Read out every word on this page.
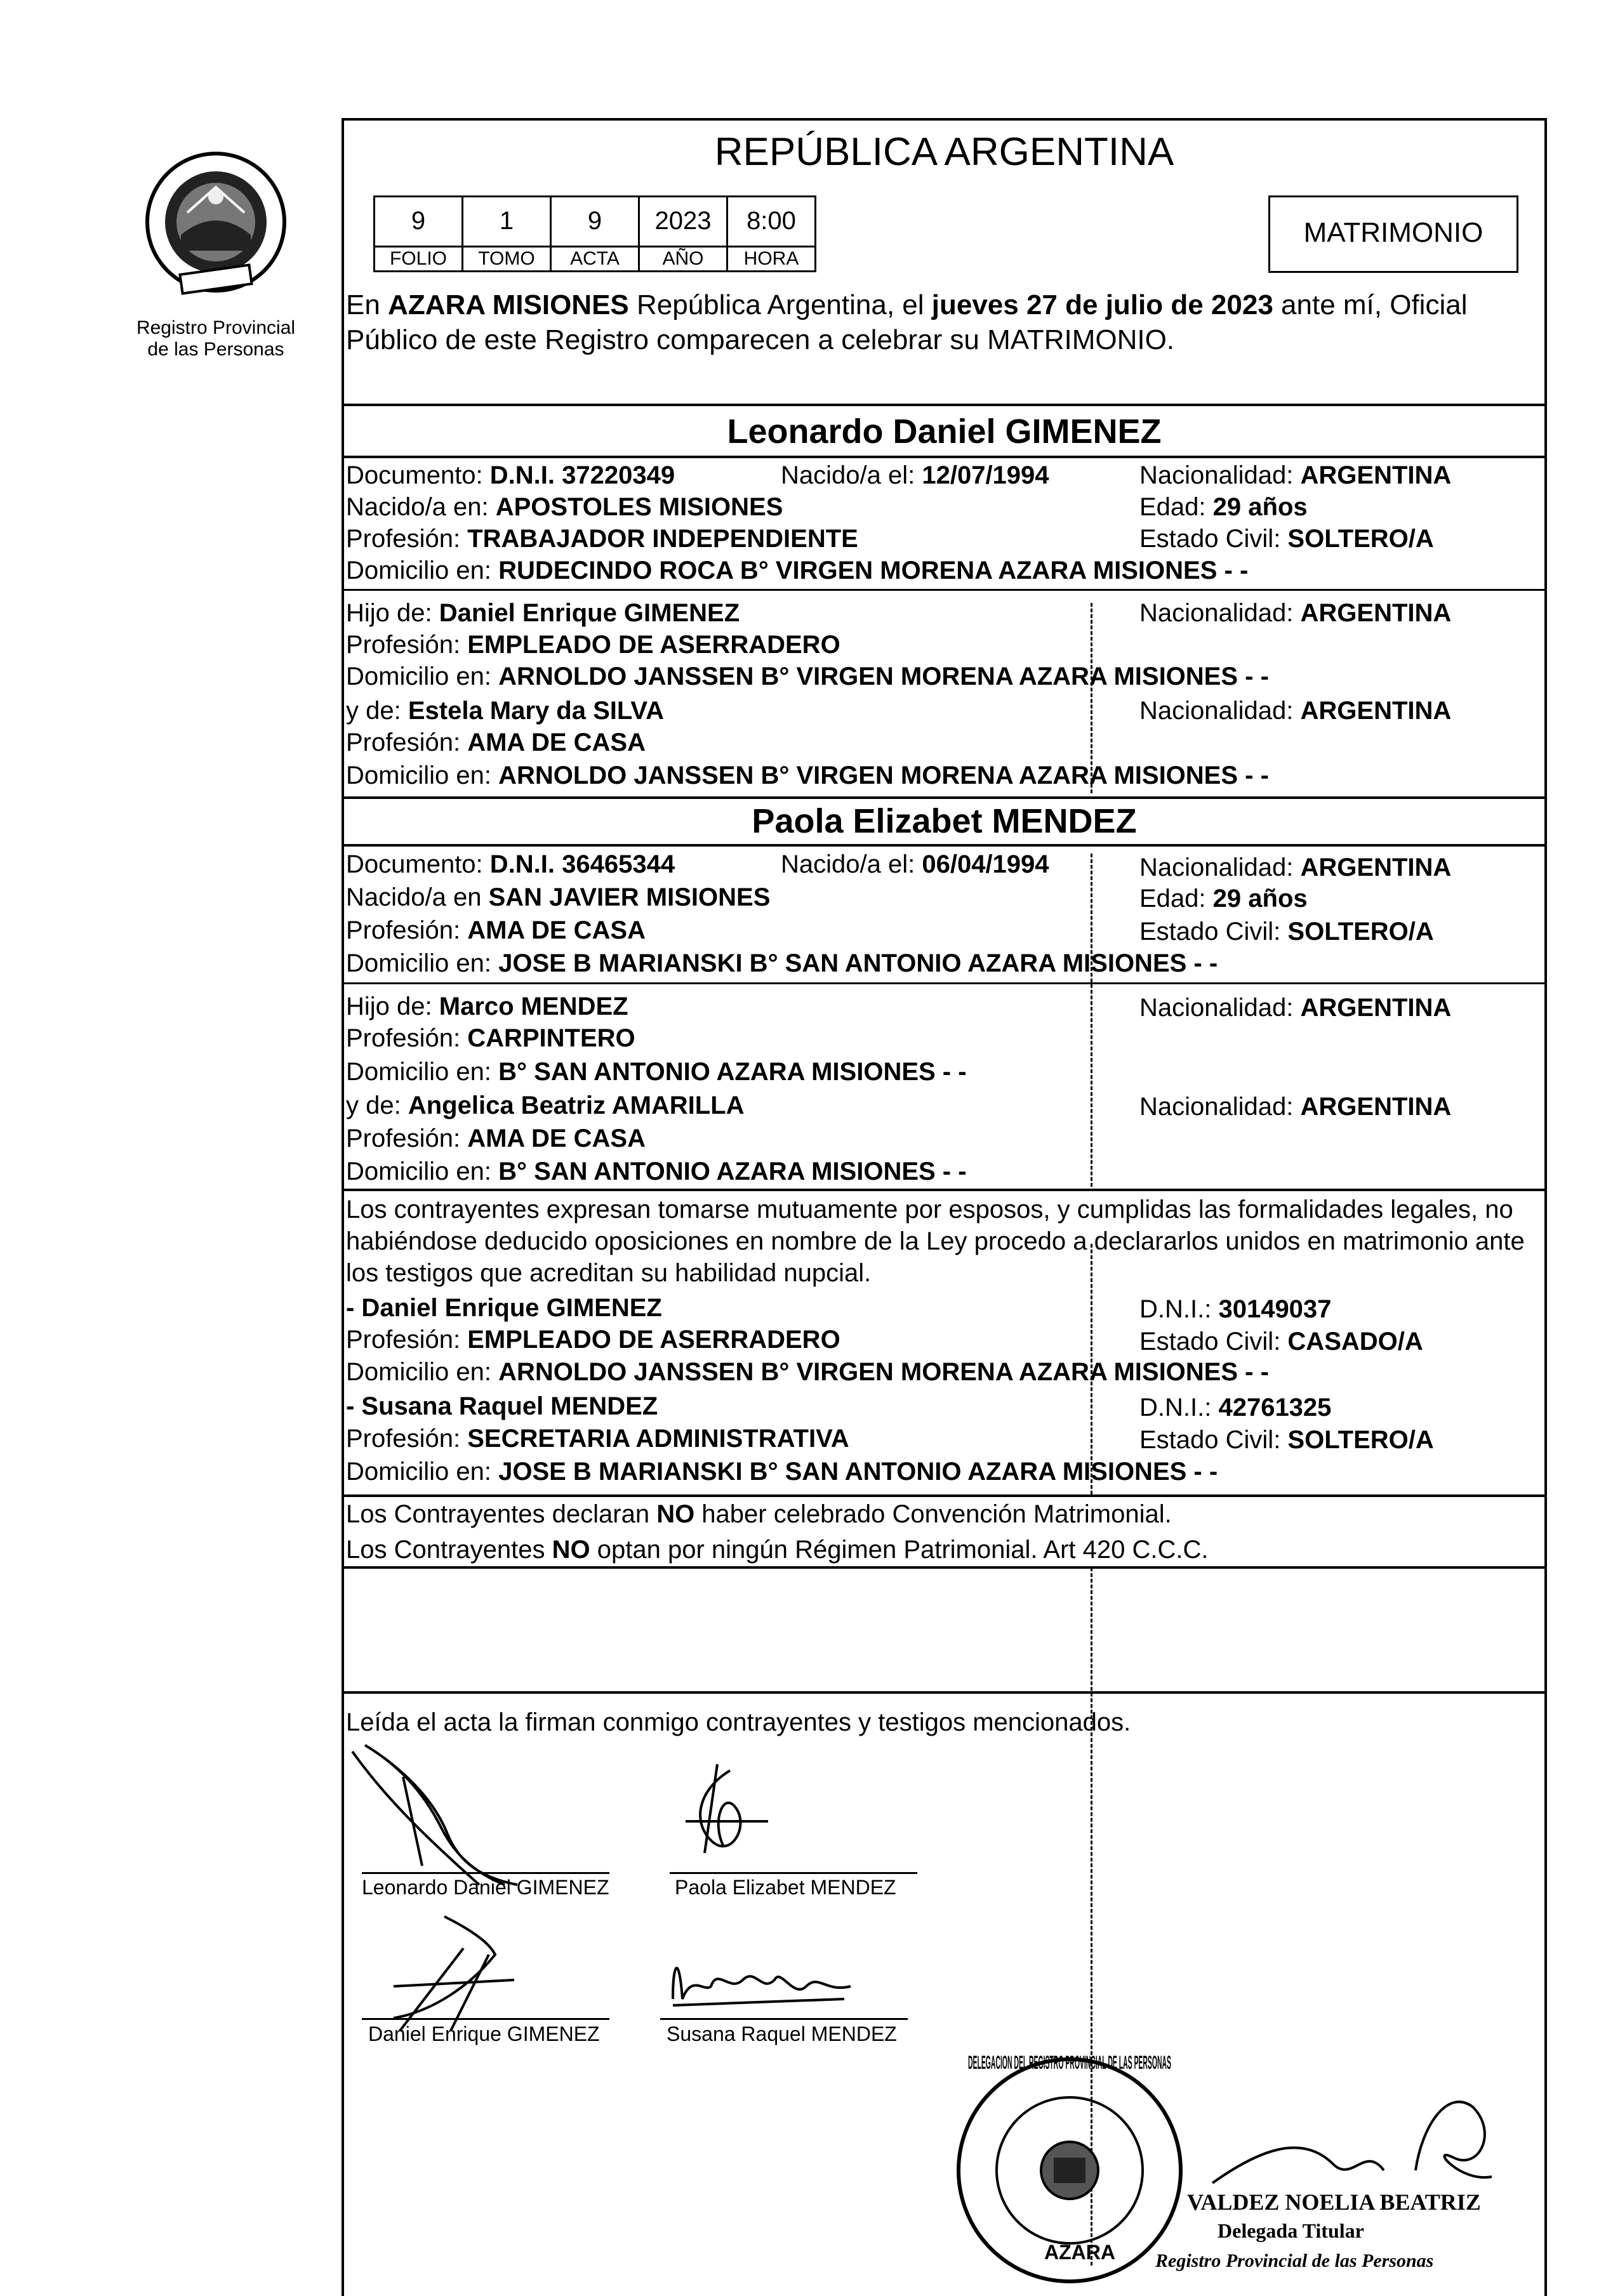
Registro Provincial
de las Personas
REPÚBLICA ARGENTINA
9	1	9	2023	8:00
FOLIO	TOMO	ACTA	AÑO	HORA
MATRIMONIO
En AZARA MISIONES República Argentina, el jueves 27 de julio de 2023 ante mí, Oficial
Público de este Registro comparecen a celebrar su MATRIMONIO.
Leonardo Daniel GIMENEZ
Documento: D.N.I. 37220349	Nacido/a el: 12/07/1994	Nacionalidad: ARGENTINA
Nacido/a en: APOSTOLES MISIONES	Edad: 29 años
Profesión: TRABAJADOR INDEPENDIENTE	Estado Civil: SOLTERO/A
Domicilio en: RUDECINDO ROCA B° VIRGEN MORENA AZARA MISIONES - -
Hijo de: Daniel Enrique GIMENEZ	Nacionalidad: ARGENTINA
Profesión: EMPLEADO DE ASERRADERO
Domicilio en: ARNOLDO JANSSEN B° VIRGEN MORENA AZARA MISIONES - -
y de: Estela Mary da SILVA	Nacionalidad: ARGENTINA
Profesión: AMA DE CASA
Domicilio en: ARNOLDO JANSSEN B° VIRGEN MORENA AZARA MISIONES - -
Paola Elizabet MENDEZ
Documento: D.N.I. 36465344	Nacido/a el: 06/04/1994	Nacionalidad: ARGENTINA
Nacido/a en SAN JAVIER MISIONES	Edad: 29 años
Profesión: AMA DE CASA	Estado Civil: SOLTERO/A
Domicilio en: JOSE B MARIANSKI B° SAN ANTONIO AZARA MISIONES - -
Hijo de: Marco MENDEZ	Nacionalidad: ARGENTINA
Profesión: CARPINTERO
Domicilio en: B° SAN ANTONIO AZARA MISIONES - -
y de: Angelica Beatriz AMARILLA	Nacionalidad: ARGENTINA
Profesión: AMA DE CASA
Domicilio en: B° SAN ANTONIO AZARA MISIONES - -
Los contrayentes expresan tomarse mutuamente por esposos, y cumplidas las formalidades legales, no
habiéndose deducido oposiciones en nombre de la Ley procedo a declararlos unidos en matrimonio ante
los testigos que acreditan su habilidad nupcial.
- Daniel Enrique GIMENEZ	D.N.I.: 30149037
Profesión: EMPLEADO DE ASERRADERO	Estado Civil: CASADO/A
Domicilio en: ARNOLDO JANSSEN B° VIRGEN MORENA AZARA MISIONES - -
- Susana Raquel MENDEZ	D.N.I.: 42761325
Profesión: SECRETARIA ADMINISTRATIVA	Estado Civil: SOLTERO/A
Domicilio en: JOSE B MARIANSKI B° SAN ANTONIO AZARA MISIONES - -
Los Contrayentes declaran NO haber celebrado Convención Matrimonial.
Los Contrayentes NO optan por ningún Régimen Patrimonial. Art 420 C.C.C.
Leída el acta la firman conmigo contrayentes y testigos mencionados.
Leonardo Daniel GIMENEZ	Paola Elizabet MENDEZ
Daniel Enrique GIMENEZ	Susana Raquel MENDEZ
DELEGACION DEL REGISTRO PROVINCIAL DE LAS PERSONAS
AZARA
VALDEZ NOELIA BEATRIZ
Delegada Titular
Registro Provincial de las Personas
